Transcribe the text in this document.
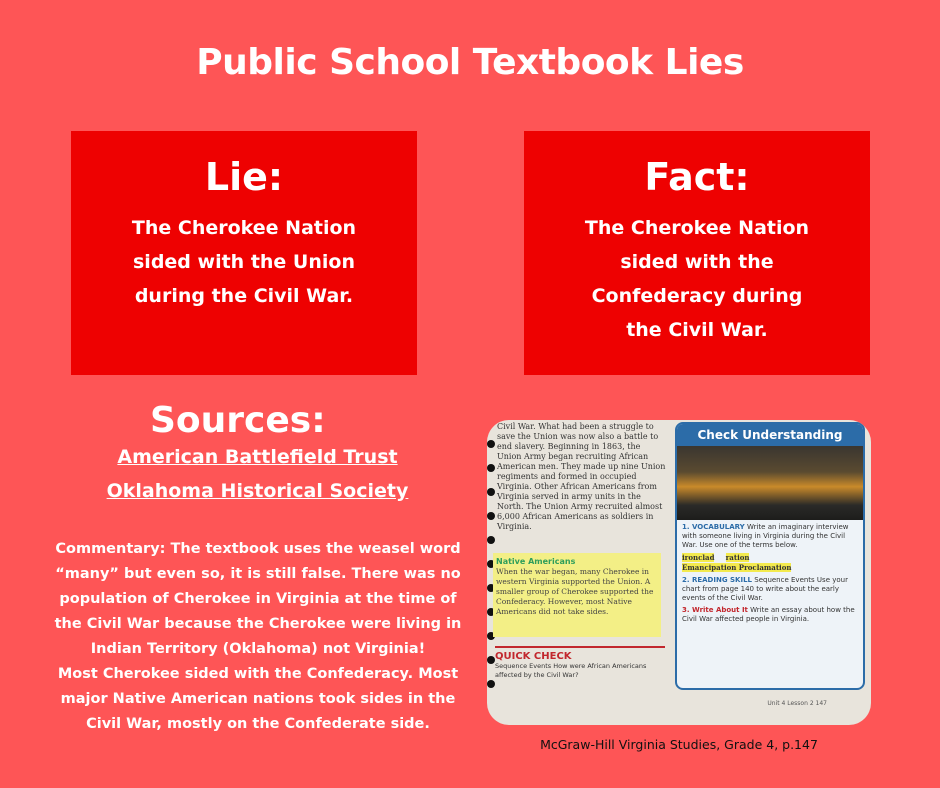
Public School Textbook Lies
Lie:
The Cherokee Nation
sided with the Union
during the Civil War.
Fact:
The Cherokee Nation
sided with the
Confederacy during
the Civil War.
Sources:
American Battlefield Trust
Oklahoma Historical Society
Commentary: The textbook uses the weasel word
“many” but even so, it is still false. There was no
population of Cherokee in Virginia at the time of
the Civil War because the Cherokee were living in
Indian Territory (Oklahoma) not Virginia!
Most Cherokee sided with the Confederacy. Most
major Native American nations took sides in the
Civil War, mostly on the Confederate side.
Civil War. What had been a struggle to save the Union was now also a battle to end slavery. Beginning in 1863, the Union Army began recruiting African American men. They made up nine Union regiments and formed in occupied Virginia. Other African Americans from Virginia served in army units in the North. The Union Army recruited almost 6,000 African Americans as soldiers in Virginia.
Native Americans
When the war began, many Cherokee in western Virginia supported the Union. A smaller group of Cherokee supported the Confederacy. However, most Native Americans did not take sides.
QUICK CHECK
Sequence Events How were African Americans affected by the Civil War?
Check Understanding
1. VOCABULARY Write an imaginary interview with someone living in Virginia during the Civil War. Use one of the terms below.
ironclad ration
Emancipation Proclamation
2. READING SKILL Sequence Events Use your chart from page 140 to write about the early events of the Civil War.
3. Write About It Write an essay about how the Civil War affected people in Virginia.
Unit 4 Lesson 2 147
McGraw-Hill Virginia Studies, Grade 4, p.147
